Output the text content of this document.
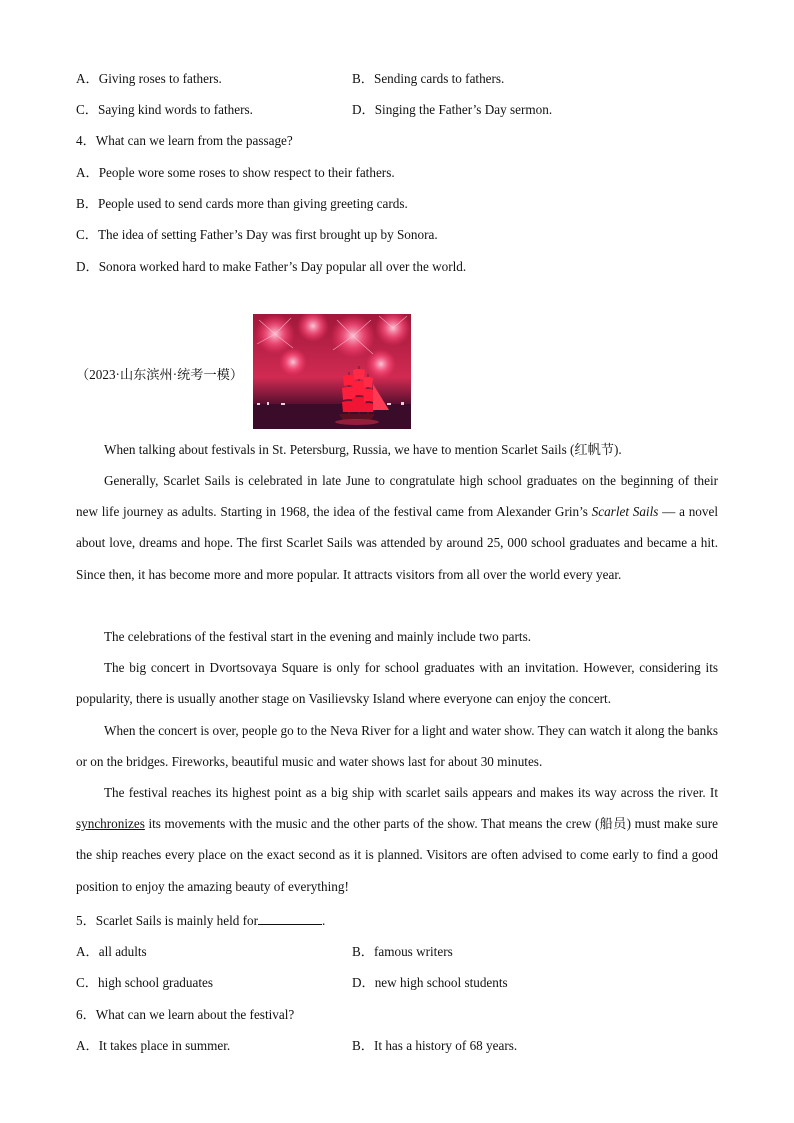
A．Giving roses to fathers.	B．Sending cards to fathers.
C．Saying kind words to fathers.	D．Singing the Father’s Day sermon.
4．What can we learn from the passage?
A．People wore some roses to show respect to their fathers.
B．People used to send cards more than giving greeting cards.
C．The idea of setting Father’s Day was first brought up by Sonora.
D．Sonora worked hard to make Father’s Day popular all over the world.
（2023·山东滨州·统考一模）
When talking about festivals in St. Petersburg, Russia, we have to mention Scarlet Sails (红帆节).
Generally, Scarlet Sails is celebrated in late June to congratulate high school graduates on the beginning of their new life journey as adults. Starting in 1968, the idea of the festival came from Alexander Grin’s Scarlet Sails — a novel about love, dreams and hope. The first Scarlet Sails was attended by around 25, 000 school graduates and became a hit. Since then, it has become more and more popular. It attracts visitors from all over the world every year.
The celebrations of the festival start in the evening and mainly include two parts.
The big concert in Dvortsovaya Square is only for school graduates with an invitation. However, considering its popularity, there is usually another stage on Vasilievsky Island where everyone can enjoy the concert.
When the concert is over, people go to the Neva River for a light and water show. They can watch it along the banks or on the bridges. Fireworks, beautiful music and water shows last for about 30 minutes.
The festival reaches its highest point as a big ship with scarlet sails appears and makes its way across the river. It synchronizes its movements with the music and the other parts of the show. That means the crew (船员) must make sure the ship reaches every place on the exact second as it is planned. Visitors are often advised to come early to find a good position to enjoy the amazing beauty of everything!
5．Scarlet Sails is mainly held for	.
A．all adults	B．famous writers
C．high school graduates	D．new high school students
6．What can we learn about the festival?
A．It takes place in summer.	B．It has a history of 68 years.
